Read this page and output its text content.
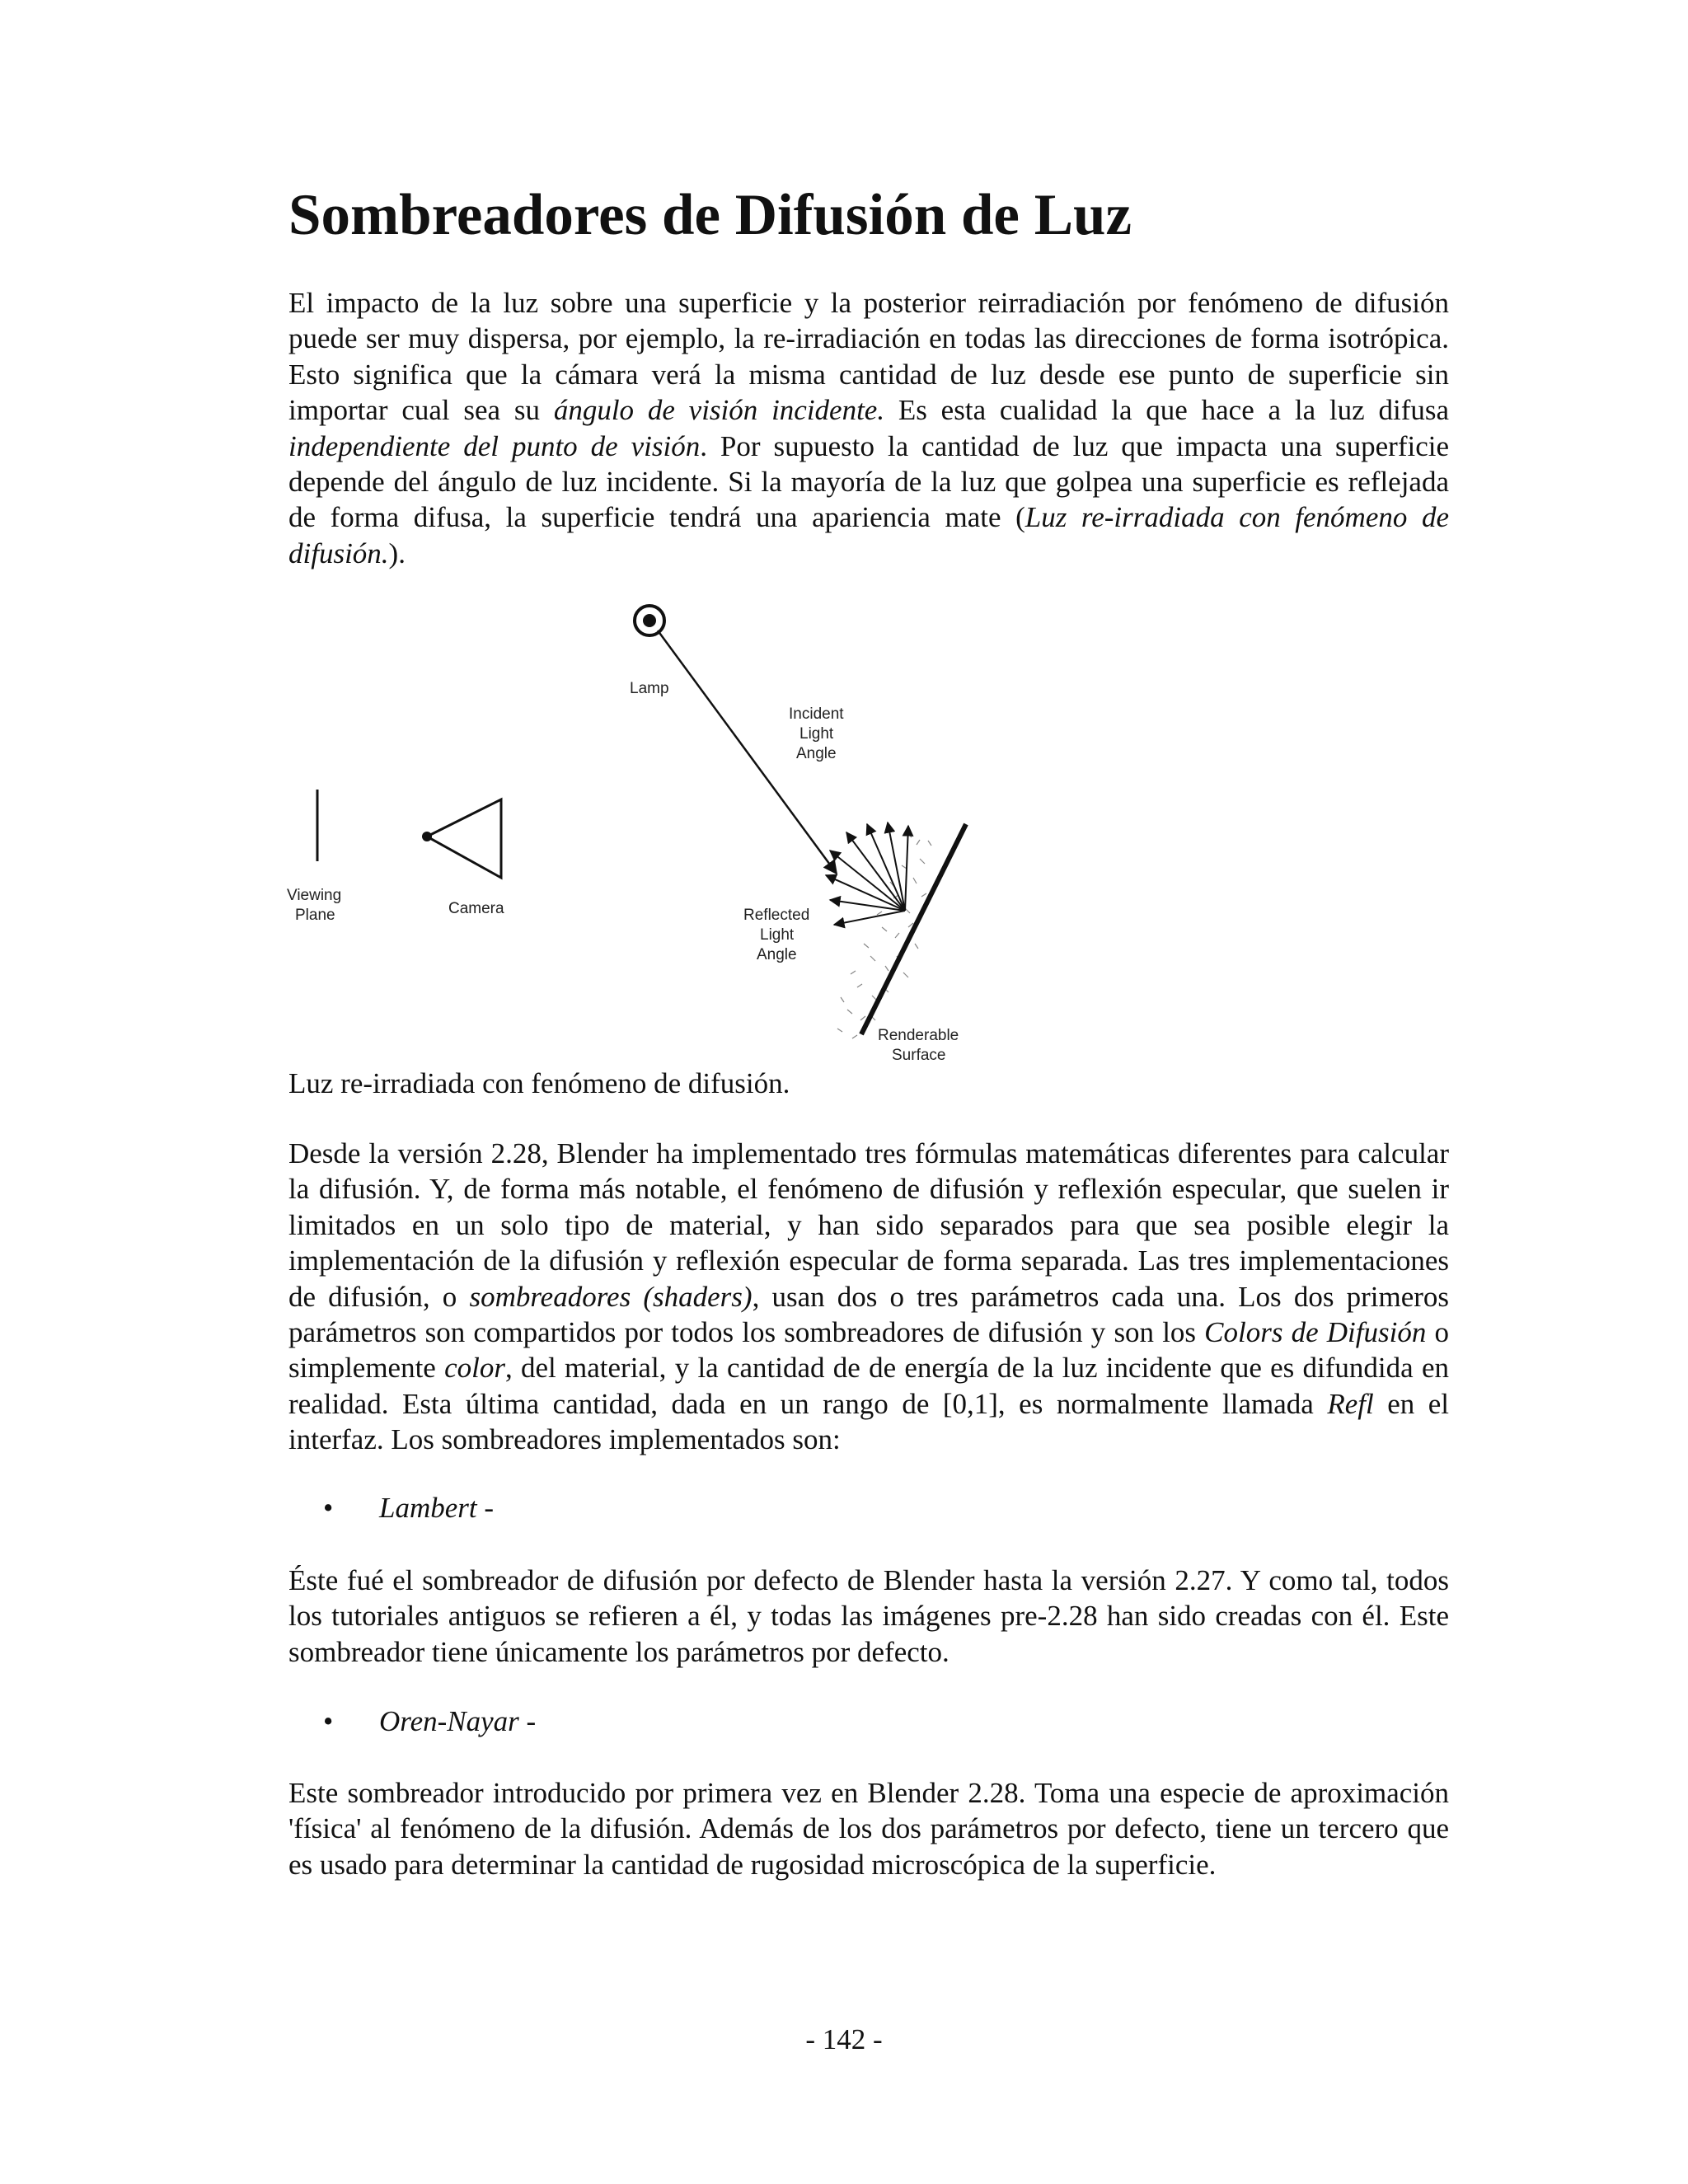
Sombreadores de Difusión de Luz

El impacto de la luz sobre una superficie y la posterior reirradiación por fenómeno de difusión puede ser muy dispersa, por ejemplo, la re-irradiación en todas las direcciones de forma isotrópica. Esto significa que la cámara verá la misma cantidad de luz desde ese punto de superficie sin importar cual sea su ángulo de visión incidente. Es esta cualidad la que hace a la luz difusa independiente del punto de visión. Por supuesto la cantidad de luz que impacta una superficie depende del ángulo de luz incidente. Si la mayoría de la luz que golpea una superficie es reflejada de forma difusa, la superficie tendrá una apariencia mate (Luz re-irradiada con fenómeno de difusión.).

Lamp
Incident
Light
Angle
Viewing
Plane	Camera	Reflected
Light
Angle
Renderable
Surface

Luz re-irradiada con fenómeno de difusión.

Desde la versión 2.28, Blender ha implementado tres fórmulas matemáticas diferentes para calcular la difusión. Y, de forma más notable, el fenómeno de difusión y reflexión especular, que suelen ir limitados en un solo tipo de material, y han sido separados para que sea posible elegir la implementación de la difusión y reflexión especular de forma separada. Las tres implementaciones de difusión, o sombreadores (shaders), usan dos o tres parámetros cada una. Los dos primeros parámetros son compartidos por todos los sombreadores de difusión y son los Colors de Difusión o simplemente color, del material, y la cantidad de de energía de la luz incidente que es difundida en realidad. Esta última cantidad, dada en un rango de [0,1], es normalmente llamada Refl en el interfaz. Los sombreadores implementados son:

• Lambert -

Éste fué el sombreador de difusión por defecto de Blender hasta la versión 2.27. Y como tal, todos los tutoriales antiguos se refieren a él, y todas las imágenes pre-2.28 han sido creadas con él. Este sombreador tiene únicamente los parámetros por defecto.

• Oren-Nayar -

Este sombreador introducido por primera vez en Blender 2.28. Toma una especie de aproximación 'física' al fenómeno de la difusión. Además de los dos parámetros por defecto, tiene un tercero que es usado para determinar la cantidad de rugosidad microscópica de la superficie.

- 142 -
